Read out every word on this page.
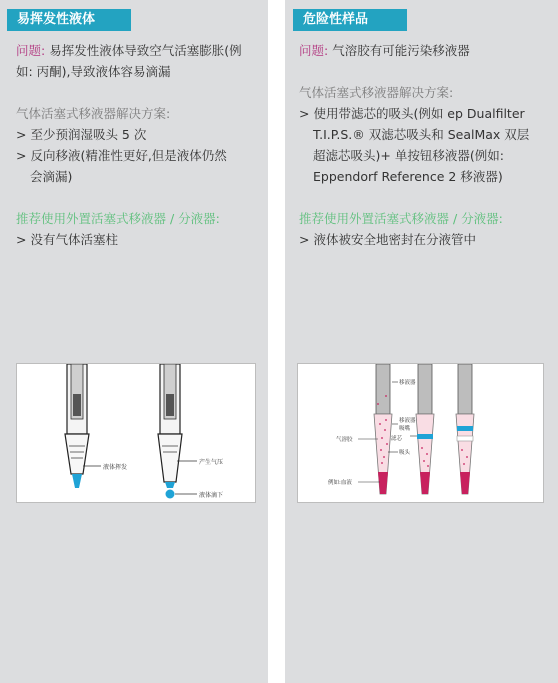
易挥发性液体
问题: 易挥发性液体导致空气活塞膨胀(例
如: 丙酮),导致液体容易滴漏
气体活塞式移液器解决方案:
> 至少预润湿吸头 5 次
> 反向移液(精准性更好,但是液体仍然
会滴漏)
推荐使用外置活塞式移液器 / 分液器:
> 没有气体活塞柱
液体挥发
产生气压
液体滴下
危险性样品
问题: 气溶胶有可能污染移液器
气体活塞式移液器解决方案:
> 使用带滤芯的吸头(例如 ep Dualfilter
T.I.P.S.® 双滤芯吸头和 SealMax 双层
超滤芯吸头)+ 单按钮移液器(例如:
Eppendorf Reference 2 移液器)
推荐使用外置活塞式移液器 / 分液器:
> 液体被安全地密封在分液管中
移液器
移液器
吸嘴
气溶胶
吸头
例如:血液
滤芯
